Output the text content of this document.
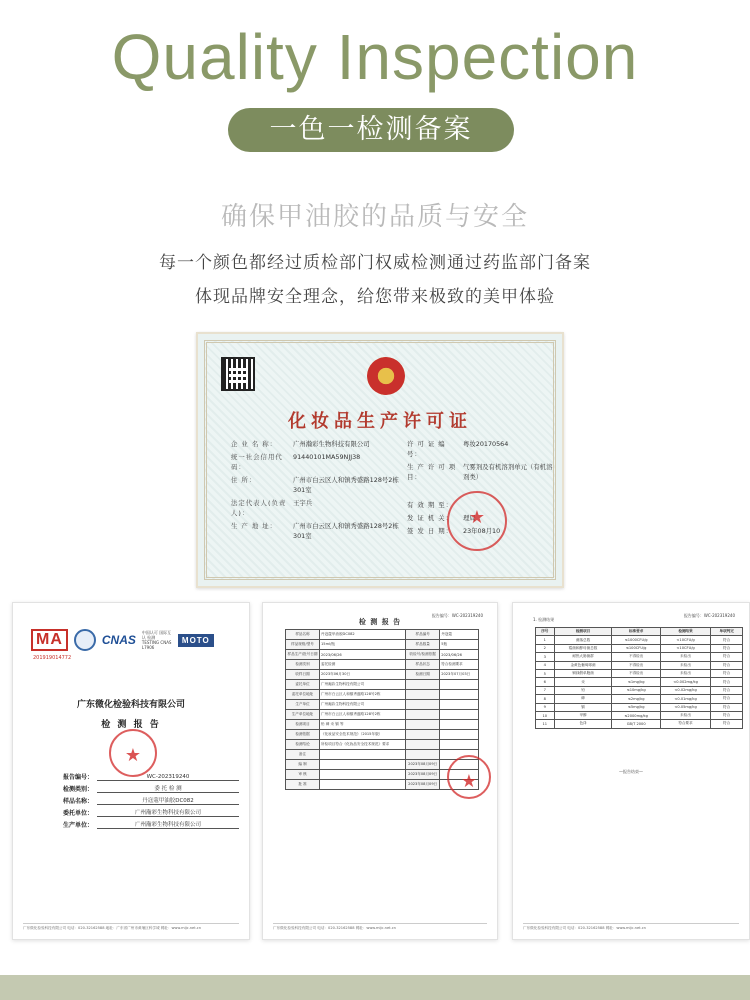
Quality Inspection
一色一检测备案
确保甲油胶的品质与安全
每一个颜色都经过质检部门权威检测通过药监部门备案
体现品牌安全理念，给您带来极致的美甲体验
化妆品生产许可证
企 业 名 称：	广州瀚彩生物科技有限公司
统一社会信用代码：
91440101MA59NJJ38
住 所：	广州市白云区人和镇秀盛路128号2栋301室
法定代表人(负责人)：
王宇兵
生 产 地 址：	广州市白云区人和镇秀盛路128号2栋301室
许 可 证 编 号：
粤妆20170564
生 产 许 可 项 目：
气雾剂及有机溶剂单元（有机溶剂类）
有 效 期 至：
发 证 机 关：	理局
签 发 日 期：	23年08月10
★
MA	CNAS
中国认可 国际互认 检测 TESTING CNAS L7906
MOTO
201919014772
广东微化检验科技有限公司
检 测 报 告
★
报告编号：	WC-202319240
检测类别：	委 托 检 测
样品名称：	丹寇蔻甲油胶DC082
委托单位：	广州瀚彩生物科技有限公司
生产单位：	广州瀚彩生物科技有限公司
广东微化检验科技有限公司 电话：020-32162588 地址：广东省广州市黄埔区科学城 网址：www.mijc.net.cn
报告编号：WC-202319240
检 测 报 告
样品名称	丹寇蔻甲油胶DC082	样品编号	丹寇蔻
样品规格/型号	15ml/瓶	样品数量	5瓶
样品生产/批号日期	2023/06/26	收检号/检测依据	2023/06/26
检测类别	委托检测	样品状态	符合检测要求
收样日期	2023年06月30日	检测日期	2023年07月03日
委托单位	广州瀚彩生物科技有限公司		
委托单位地址	广州市白云区人和镇秀盛路128号2栋		
生产单位	广州瀚彩生物科技有限公司		
生产单位地址	广州市白云区人和镇秀盛路128号2栋		
检测项目	铅 砷 汞 镉 等		
检测依据	《化妆品安全技术规范》（2015年版）		
检测结论	所检项目符合《化妆品安全技术规范》要求		
备注			
编 制		2023年08月09日	
审 核		2023年08月09日	
批 准		2023年08月09日	
★
广东微化检验科技有限公司 电话：020-32162588 网址：www.mijc.net.cn
1. 检测结果
报告编号：WC-202319240
序号	检测项目	标准要求	检测结果	单项判定
1	菌落总数	≤1000CFU/g	<10CFU/g	符合
2	霉菌和酵母菌总数	≤100CFU/g	<10CFU/g	符合
3	耐热大肠菌群	不得检出	未检出	符合
4	金黄色葡萄球菌	不得检出	未检出	符合
5	铜绿假单胞菌	不得检出	未检出	符合
6	汞	≤1mg/kg	<0.002mg/kg	符合
7	铅	≤10mg/kg	<0.02mg/kg	符合
8	砷	≤2mg/kg	<0.01mg/kg	符合
9	镉	≤5mg/kg	<0.05mg/kg	符合
10	甲醇	≤2000mg/kg	未检出	符合
11	色泽	GB/T 2000	符合要求	符合
—报告结束—
广东微化检验科技有限公司 电话：020-32162588 网址：www.mijc.net.cn
